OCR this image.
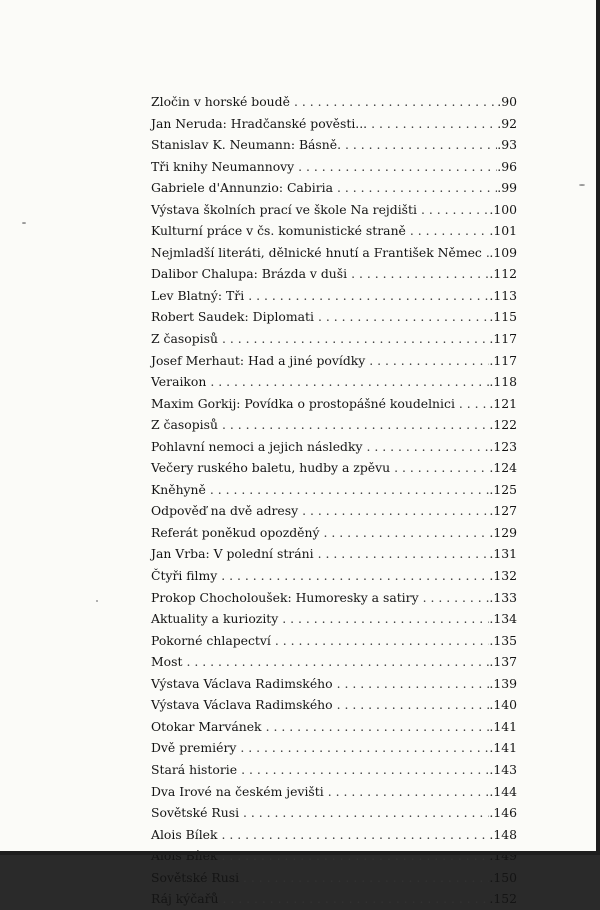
Zločin v horské boudě . . .	.90
Jan Neruda: Hradčanské pověsti... . . .	.92
Stanislav K. Neumann: Básně. . . .	.93
Tři knihy Neumannovy . . .	.96
Gabriele d'Annunzio: Cabiria . . .	.99
Výstava školních prací ve škole Na rejdišti . . .	.100
Kulturní práce v čs. komunistické straně . . .	.101
Nejmladší literáti, dělnické hnutí a František Němec . . . .109
Dalibor Chalupa: Brázda v duši . . .	.112
Lev Blatný: Tři . . .	.113
Robert Saudek: Diplomati . . .	.115
Z časopisů . . .	.117
Josef Merhaut: Had a jiné povídky . . .	.117
Veraikon . . .	.118
Maxim Gorkij: Povídka o prostopášné koudelnici . . .	.121
Z časopisů . . .	.122
Pohlavní nemoci a jejich následky . . .	.123
Večery ruského baletu, hudby a zpěvu . . .	.124
Kněhyně . . .	.125
Odpověď na dvě adresy . . .	.127
Referát poněkud opozděný . . .	.129
Jan Vrba: V polední stráni . . .	.131
Čtyři filmy . . .	.132
Prokop Chocholoušek: Humoresky a satiry . . .	.133
Aktuality a kuriozity . . .	.134
Pokorné chlapectví . . .	.135
Most . . .	.137
Výstava Václava Radimského . . .	.139
Výstava Václava Radimského . . .	.140
Otokar Marvánek . . .	.141
Dvě premiéry . . .	.141
Stará historie . . .	.143
Dva Irové na českém jevišti . . .	.144
Sovětské Rusi . . .	.146
Alois Bílek . . .	.148
Alois Bílek . . .	.149
Sovětské Rusi . . .	.150
Ráj kýčařů . . .	.152
